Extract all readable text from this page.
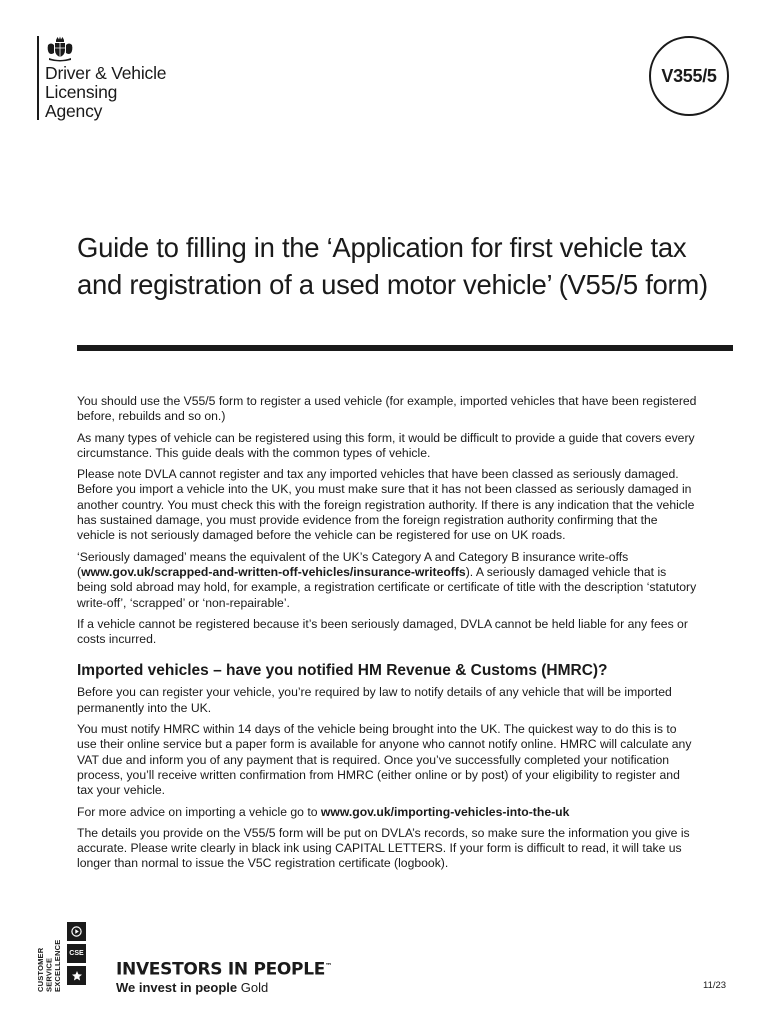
Driver & Vehicle
Licensing
Agency
V355/5
Guide to filling in the ‘Application for first vehicle tax and registration of a used motor vehicle’ (V55/5 form)

You should use the V55/5 form to register a used vehicle (for example, imported vehicles that have been registered before, rebuilds and so on.)

As many types of vehicle can be registered using this form, it would be difficult to provide a guide that covers every circumstance. This guide deals with the common types of vehicle.

Please note DVLA cannot register and tax any imported vehicles that have been classed as seriously damaged. Before you import a vehicle into the UK, you must make sure that it has not been classed as seriously damaged in another country. You must check this with the foreign registration authority. If there is any indication that the vehicle has sustained damage, you must provide evidence from the foreign registration authority confirming that the vehicle is not seriously damaged before the vehicle can be registered for use on UK roads.

‘Seriously damaged’ means the equivalent of the UK’s Category A and Category B insurance write-offs (www.gov.uk/scrapped-and-written-off-vehicles/insurance-writeoffs). A seriously damaged vehicle that is being sold abroad may hold, for example, a registration certificate or certificate of title with the description ‘statutory write-off’, ‘scrapped’ or ‘non-repairable’.

If a vehicle cannot be registered because it’s been seriously damaged, DVLA cannot be held liable for any fees or costs incurred.

Imported vehicles – have you notified HM Revenue & Customs (HMRC)?

Before you can register your vehicle, you’re required by law to notify details of any vehicle that will be imported permanently into the UK.

You must notify HMRC within 14 days of the vehicle being brought into the UK. The quickest way to do this is to use their online service but a paper form is available for anyone who cannot notify online. HMRC will calculate any VAT due and inform you of any payment that is required. Once you’ve successfully completed your notification process, you’ll receive written confirmation from HMRC (either online or by post) of your eligibility to register and tax your vehicle.

For more advice on importing a vehicle go to www.gov.uk/importing-vehicles-into-the-uk

The details you provide on the V55/5 form will be put on DVLA’s records, so make sure the information you give is accurate. Please write clearly in black ink using CAPITAL LETTERS. If your form is difficult to read, it will take us longer than normal to issue the V5C registration certificate (logbook).

CUSTOMER SERVICE EXCELLENCE	CSE
INVESTORS IN PEOPLE™
We invest in people Gold	11/23
